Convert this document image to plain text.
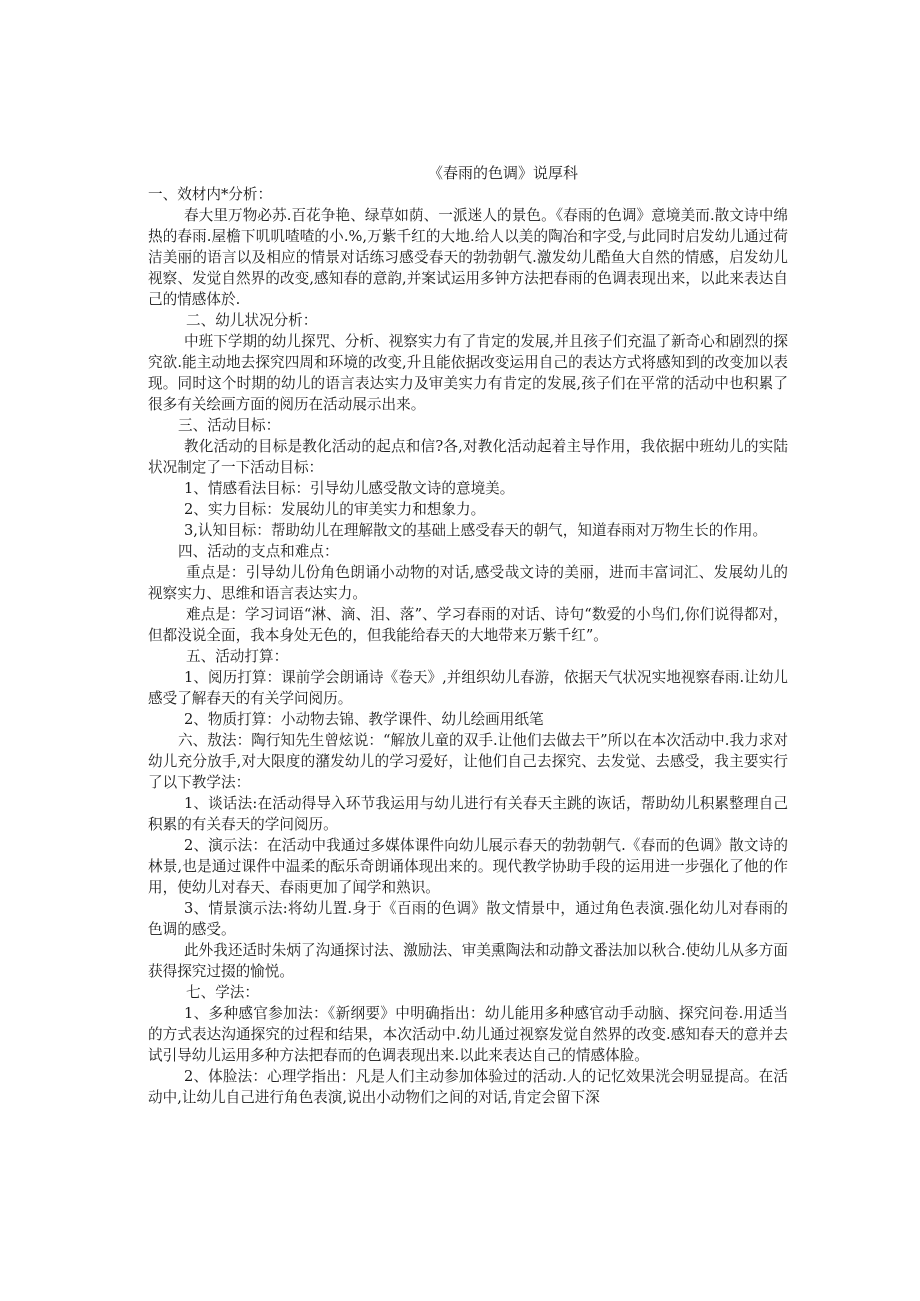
《春雨的色调》说厚科
一、效材内*分析：

春大里万物必苏.百花争艳、绿草如荫、一派迷人的景色。《春雨的色调》意境美而.散文诗中绵热的春雨.屋檐下叽叽喳喳的小.%,万紫千红的大地.给人以美的陶冶和字受,与此同时启发幼儿通过荷洁美丽的语言以及相应的情景对话练习感受春天的勃勃朝气.激发幼儿酷鱼大自然的情感，启发幼儿视察、发觉自然界的改变,感知春的意韵,并案试运用多钟方法把春雨的色调表现出来，以此来表达自己的情感体於.

二、幼儿状况分析：

中班下学期的幼儿探咒、分析、视察实力有了肯定的发展,并且孩子们充温了新奇心和剧烈的探究欲.能主动地去探究四周和环境的改变,升且能依据改变运用自己的表达方式将感知到的改变加以表现。同时这个时期的幼儿的语言表达实力及审美实力有肯定的发展,孩子们在平常的活动中也积累了很多有关绘画方面的阅历在活动展示出来。

三、活动目标：

教化活动的目标是教化活动的起点和信?各,对教化活动起着主导作用，我依据中班幼儿的实陆状况制定了一下活动目标：

1、情感看法目标：引导幼儿感受散文诗的意境美。

2、实力目标：发展幼儿的审美实力和想象力。

3,认知目标：帮助幼儿在理解散文的基础上感受春天的朝气，知道春雨对万物生长的作用。

四、活动的支点和难点：

重点是：引导幼儿份角色朗诵小动物的对话,感受哉文诗的美丽，进而丰富词汇、发展幼儿的视察实力、思维和语言表达实力。

难点是：学习词语“淋、滴、泪、落”、学习春雨的对话、诗句“数爱的小鸟们,你们说得都对，但都没说全面，我本身处无色的，但我能给春天的大地带来万紫千红”。

五、活动打算：

1、阅历打算：课前学会朗诵诗《卷天》,并组织幼儿春游，依据天气状况实地视察春雨.让幼儿感受了解春天的有关学问阅历。

2、物质打算：小动物去锦、教学课件、幼儿绘画用纸笔

六、敖法：陶行知先生曾炫说：“解放儿童的双手.让他们去做去干”所以在本次活动中.我力求对幼儿充分放手,对大限度的潴发幼儿的学习爱好，让他们自己去探究、去发觉、去感受，我主要实行了以下教学法：

1、谈话法:在活动得导入环节我运用与幼儿进行有关春天主跳的诙话，帮助幼儿积累整理自己积累的有关春天的学问阅历。

2、演示法：在活动中我通过多媒体课件向幼儿展示春天的勃勃朝气.《春而的色调》散文诗的林景,也是通过课件中温柔的酝乐奇朗诵体现出来的。现代教学协助手段的运用进一步强化了他的作用，使幼儿对春天、春雨更加了闻学和熟识。

3、情景演示法:将幼儿置.身于《百雨的色调》散文情景中，通过角色表演.强化幼儿对春雨的色调的感受。

此外我还适时朱炳了沟通探讨法、激励法、审美熏陶法和动静文番法加以秋合.使幼儿从多方面获得探究过掇的愉悦。

七、学法：

1、多种感官参加法：《新纲要》中明确指出：幼儿能用多种感官动手动脑、探究问卷.用适当的方式表达沟通探究的过程和结果，本次活动中.幼儿通过视察发觉自然界的改变.感知春天的意并去试引导幼儿运用多种方法把春而的色调表现出来.以此来表达自己的情感体脸。

2、体脸法：心理学指出：凡是人们主动参加体验过的活动.人的记忆效果洸会明显提高。在活动中,让幼儿自己进行角色表演,说出小动物们之间的对话,肯定会留下深
